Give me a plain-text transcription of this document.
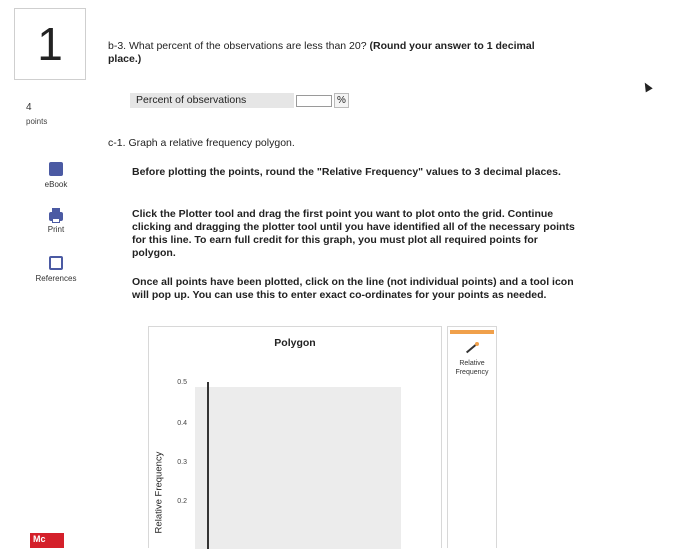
1
4
points
eBook
Print
References
Mc
b-3. What percent of the observations are less than 20? (Round your answer to 1 decimal place.)
Percent of observations	%
c-1. Graph a relative frequency polygon.
Before plotting the points, round the "Relative Frequency" values to 3 decimal places.
Click the Plotter tool and drag the first point you want to plot onto the grid. Continue clicking and dragging the plotter tool until you have identified all of the necessary points for this line. To earn full credit for this graph, you must plot all required points for polygon.
Once all points have been plotted, click on the line (not individual points) and a tool icon will pop up. You can use this to enter exact co-ordinates for your points as needed.
Polygon
Relative Frequency
0.5
0.4
0.3
0.2
Relative Frequency
